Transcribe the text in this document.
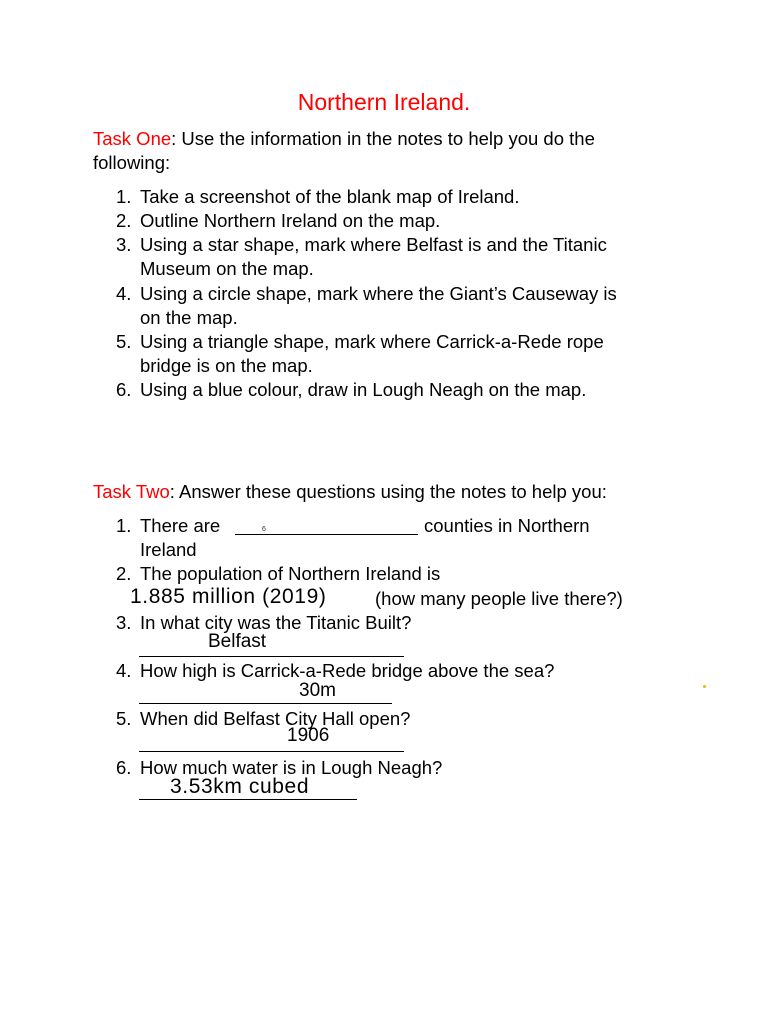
Northern Ireland.
Task One: Use the information in the notes to help you do the
following:
1. Take a screenshot of the blank map of Ireland.
2. Outline Northern Ireland on the map.
3. Using a star shape, mark where Belfast is and the Titanic
Museum on the map.
4. Using a circle shape, mark where the Giant’s Causeway is
on the map.
5. Using a triangle shape, mark where Carrick-a-Rede rope
bridge is on the map.
6. Using a blue colour, draw in Lough Neagh on the map.
Task Two: Answer these questions using the notes to help you:
1. There are	6	counties in Northern
Ireland
2. The population of Northern Ireland is
1.885 million (2019)	(how many people live there?)
3. In what city was the Titanic Built?
Belfast
4. How high is Carrick-a-Rede bridge above the sea?
30m
5. When did Belfast City Hall open?
1906
6. How much water is in Lough Neagh?
3.53km cubed
